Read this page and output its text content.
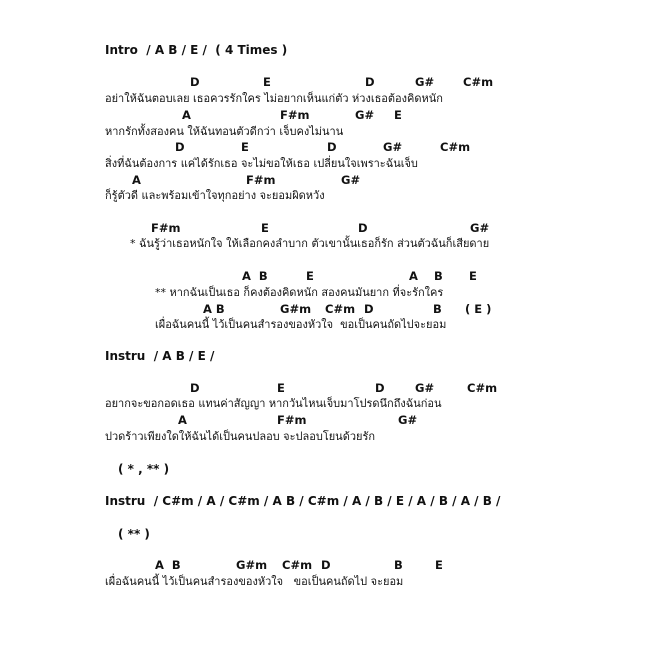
Intro  / A B / E /  ( 4 Times )

D

	E

	D

	G#

	C#m

อย่าให้ฉันตอบเลย เธอควรรักใคร ไม่อยากเห็นแก่ตัว ห่วงเธอต้องคิดหนัก

A

	F#m

	G#

E

หากรักทั้งสองคน ให้ฉันทอนตัวดีกว่า เจ็บคงไม่นาน

D

	E

	D

	G#

	C#m

สิ่งที่ฉันต้องการ แค่ได้รักเธอ จะไม่ขอให้เธอ เปลี่ยนใจเพราะฉันเจ็บ

A

	F#m

	G#

ก็รู้ตัวดี และพร้อมเข้าใจทุกอย่าง จะยอมผิดหวัง

F#m

	E

	D

	G#

* ฉันรู้ว่าเธอหนักใจ ให้เลือกคงลำบาก ตัวเขานั้นเธอก็รัก ส่วนตัวฉันก็เสียดาย

A  B

	E

	A

B

E

** หากฉันเป็นเธอ ก็คงต้องคิดหนัก สองคนมันยาก ที่จะรักใคร

A B

	G#m

C#m

D

	B

( E )

เผื่อฉันคนนี้ ไว้เป็นคนสำรองของหัวใจ  ขอเป็นคนถัดไปจะยอม
Instru  / A B / E /

D

	E

	D

	G#

	C#m

อยากจะขอกอดเธอ แทนค่าสัญญา หากวันไหนเจ็บมาโปรดนึกถึงฉันก่อน

A

	F#m

	G#

ปวดร้าวเพียงใดให้ฉันได้เป็นคนปลอบ จะปลอบโยนด้วยรัก
( * , ** )
Instru  / C#m / A / C#m / A B / C#m / A / B / E / A / B / A / B /
( ** )

A  B

	G#m

C#m

D

	B

	E

เผื่อฉันคนนี้ ไว้เป็นคนสำรองของหัวใจ   ขอเป็นคนถัดไป จะยอม
